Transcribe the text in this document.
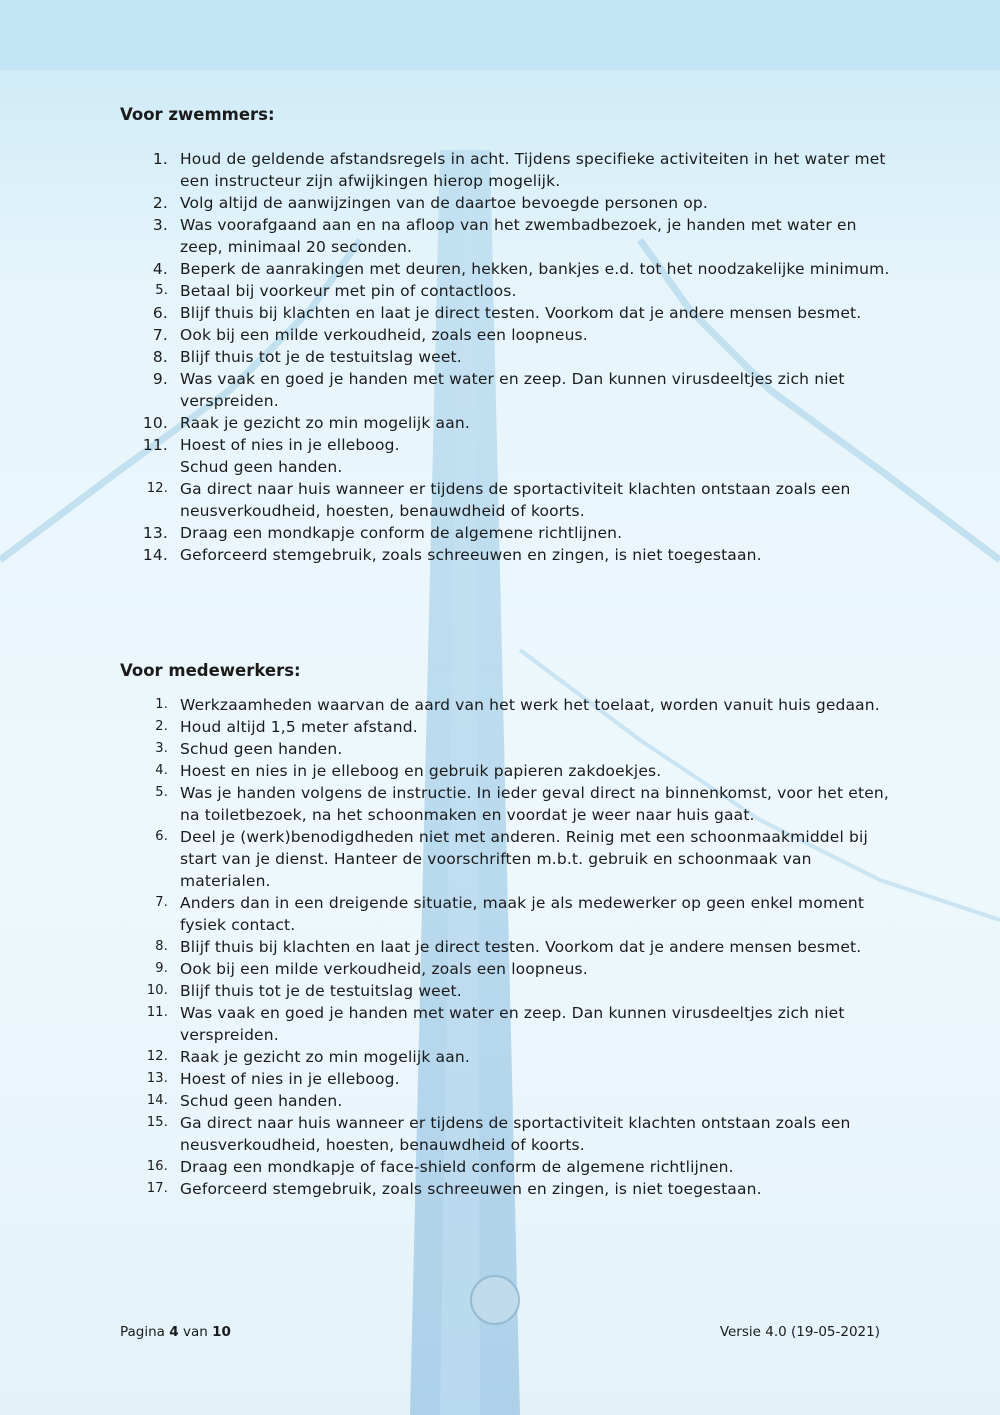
Voor zwemmers:
1. Houd de geldende afstandsregels in acht. Tijdens specifieke activiteiten in het water met een instructeur zijn afwijkingen hierop mogelijk.
2. Volg altijd de aanwijzingen van de daartoe bevoegde personen op.
3. Was voorafgaand aan en na afloop van het zwembadbezoek, je handen met water en zeep, minimaal 20 seconden.
4. Beperk de aanrakingen met deuren, hekken, bankjes e.d. tot het noodzakelijke minimum.
5. Betaal bij voorkeur met pin of contactloos.
6. Blijf thuis bij klachten en laat je direct testen. Voorkom dat je andere mensen besmet.
7. Ook bij een milde verkoudheid, zoals een loopneus.
8. Blijf thuis tot je de testuitslag weet.
9. Was vaak en goed je handen met water en zeep. Dan kunnen virusdeeltjes zich niet verspreiden.
10. Raak je gezicht zo min mogelijk aan.
11. Hoest of nies in je elleboog.
Schud geen handen.
12. Ga direct naar huis wanneer er tijdens de sportactiviteit klachten ontstaan zoals een neusverkoudheid, hoesten, benauwdheid of koorts.
13. Draag een mondkapje conform de algemene richtlijnen.
14. Geforceerd stemgebruik, zoals schreeuwen en zingen, is niet toegestaan.
Voor medewerkers:
1. Werkzaamheden waarvan de aard van het werk het toelaat, worden vanuit huis gedaan.
2. Houd altijd 1,5 meter afstand.
3. Schud geen handen.
4. Hoest en nies in je elleboog en gebruik papieren zakdoekjes.
5. Was je handen volgens de instructie. In ieder geval direct na binnenkomst, voor het eten, na toiletbezoek, na het schoonmaken en voordat je weer naar huis gaat.
6. Deel je (werk)benodigdheden niet met anderen. Reinig met een schoonmaakmiddel bij start van je dienst. Hanteer de voorschriften m.b.t. gebruik en schoonmaak van materialen.
7. Anders dan in een dreigende situatie, maak je als medewerker op geen enkel moment fysiek contact.
8. Blijf thuis bij klachten en laat je direct testen. Voorkom dat je andere mensen besmet.
9. Ook bij een milde verkoudheid, zoals een loopneus.
10. Blijf thuis tot je de testuitslag weet.
11. Was vaak en goed je handen met water en zeep. Dan kunnen virusdeeltjes zich niet verspreiden.
12. Raak je gezicht zo min mogelijk aan.
13. Hoest of nies in je elleboog.
14. Schud geen handen.
15. Ga direct naar huis wanneer er tijdens de sportactiviteit klachten ontstaan zoals een neusverkoudheid, hoesten, benauwdheid of koorts.
16. Draag een mondkapje of face-shield conform de algemene richtlijnen.
17. Geforceerd stemgebruik, zoals schreeuwen en zingen, is niet toegestaan.
Pagina 4 van 10	Versie 4.0 (19-05-2021)
